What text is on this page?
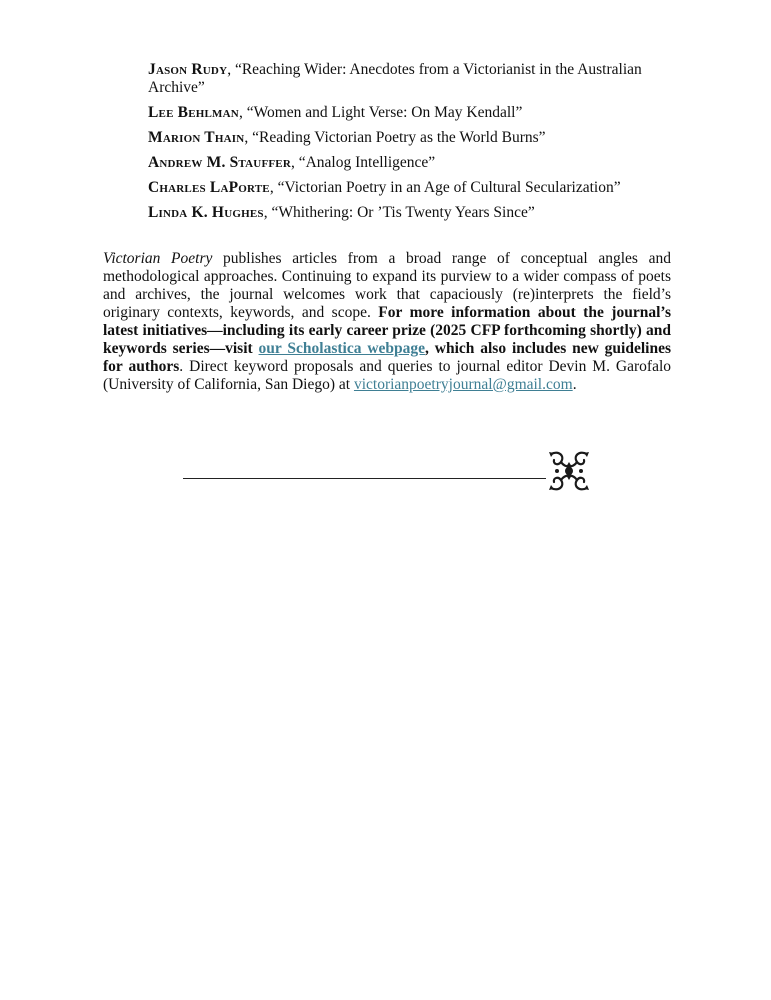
Jason Rudy, “Reaching Wider: Anecdotes from a Victorianist in the Australian Archive”
Lee Behlman, “Women and Light Verse: On May Kendall”
Marion Thain, “Reading Victorian Poetry as the World Burns”
Andrew M. Stauffer, “Analog Intelligence”
Charles LaPorte, “Victorian Poetry in an Age of Cultural Secularization”
Linda K. Hughes, “Whithering: Or ’Tis Twenty Years Since”

Victorian Poetry publishes articles from a broad range of conceptual angles and methodological approaches. Continuing to expand its purview to a wider compass of poets and archives, the journal welcomes work that capaciously (re)interprets the field’s originary contexts, keywords, and scope. For more information about the journal’s latest initiatives—including its early career prize (2025 CFP forthcoming shortly) and keywords series—visit our Scholastica webpage, which also includes new guidelines for authors. Direct keyword proposals and queries to journal editor Devin M. Garofalo (University of California, San Diego) at victorianpoetryjournal@gmail.com.
